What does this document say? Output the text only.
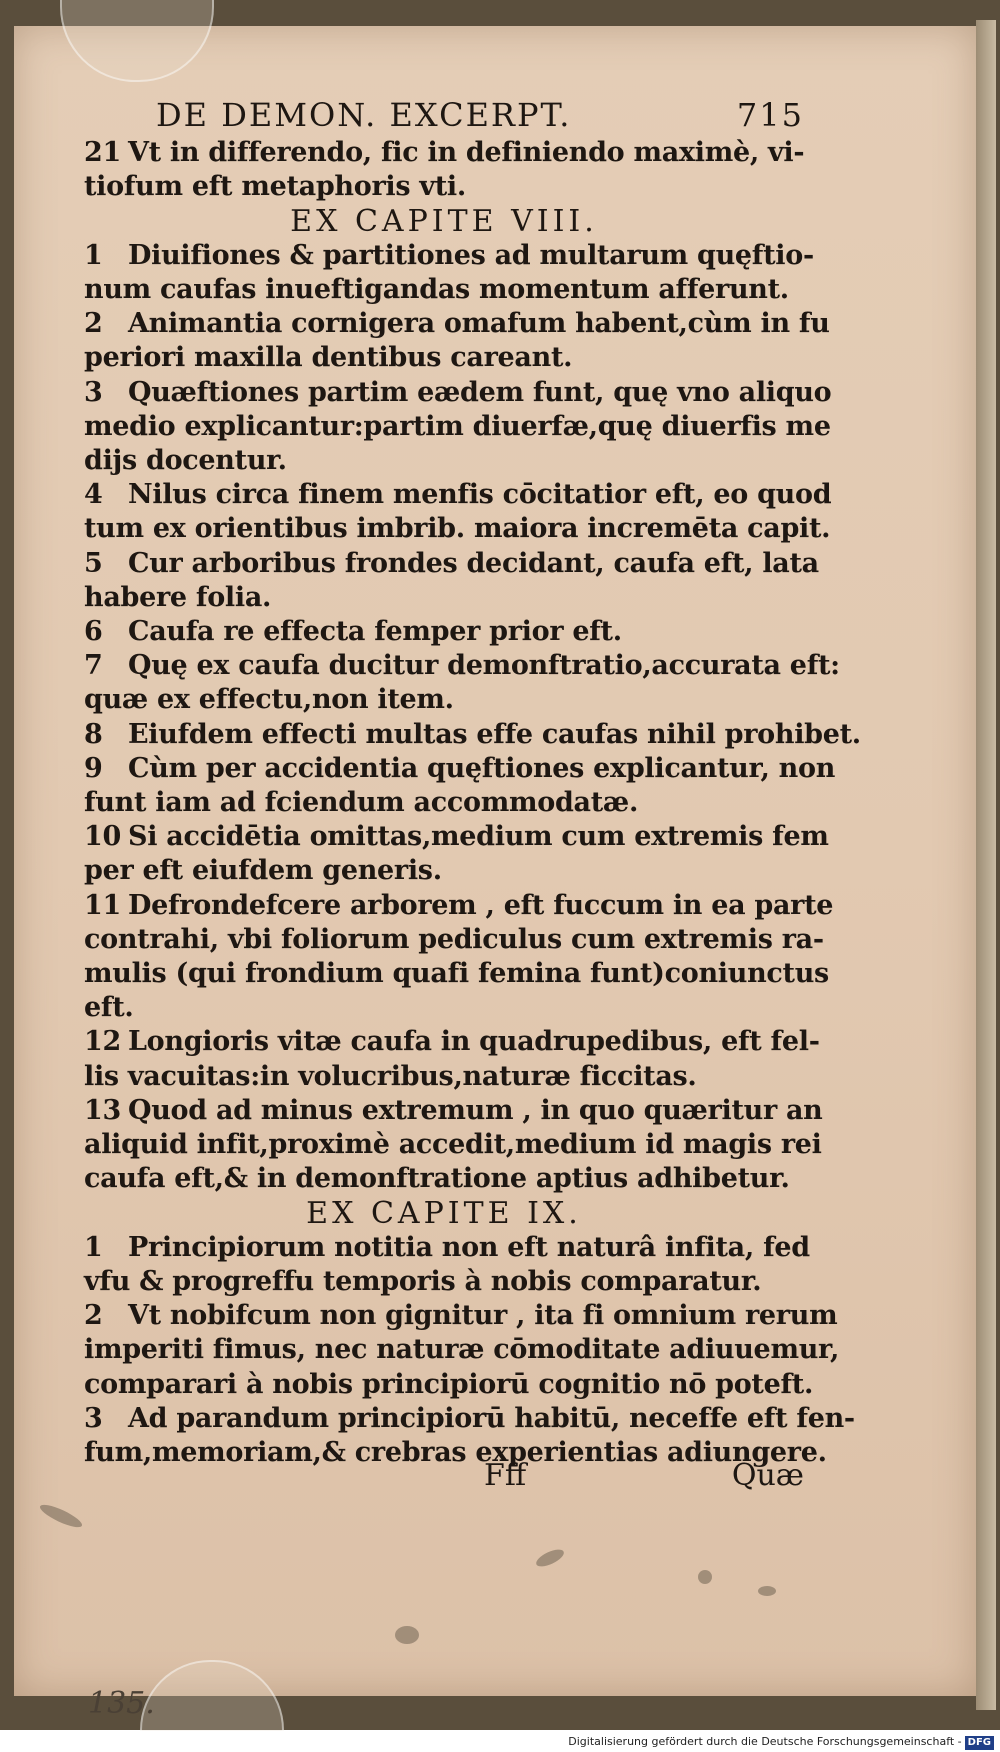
DE DEMON. EXCERPT.	715
21 Vt in differendo, fic in definiendo maximè, vi-
tiofum eft metaphoris vti.
EX CAPITE VIII.
1 Diuifiones & partitiones ad multarum quęftio-
num caufas inueftigandas momentum afferunt.
2 Animantia cornigera omafum habent,cùm in fu
periori maxilla dentibus careant.
3 Quæftiones partim eædem funt, quę vno aliquo
medio explicantur:partim diuerfæ,quę diuerfis me
dijs docentur.
4 Nilus circa finem menfis cōcitatior eft, eo quod
tum ex orientibus imbrib. maiora incremēta capit.
5 Cur arboribus frondes decidant, caufa eft, lata
habere folia.
6 Caufa re effecta femper prior eft.
7 Quę ex caufa ducitur demonftratio,accurata eft:
quæ ex effectu,non item.
8 Eiufdem effecti multas effe caufas nihil prohibet.
9 Cùm per accidentia quęftiones explicantur, non
funt iam ad fciendum accommodatæ.
10 Si accidētia omittas,medium cum extremis fem
per eft eiufdem generis.
11 Defrondefcere arborem , eft fuccum in ea parte
contrahi, vbi foliorum pediculus cum extremis ra-
mulis (qui frondium quafi femina funt)coniunctus
eft.
12 Longioris vitæ caufa in quadrupedibus, eft fel-
lis vacuitas:in volucribus,naturæ ficcitas.
13 Quod ad minus extremum , in quo quæritur an
aliquid infit,proximè accedit,medium id magis rei
caufa eft,& in demonftratione aptius adhibetur.
EX CAPITE IX.
1 Principiorum notitia non eft naturâ infita, fed
vfu & progreffu temporis à nobis comparatur.
2 Vt nobifcum non gignitur , ita fi omnium rerum
imperiti fimus, nec naturæ cōmoditate adiuuemur,
comparari à nobis principiorū cognitio nō poteft.
3 Ad parandum principiorū habitū, neceffe eft fen-
fum,memoriam,& crebras experientias adiungere.
Fff	Quæ
135.
Digitalisierung gefördert durch die Deutsche Forschungsgemeinschaft - DFG
